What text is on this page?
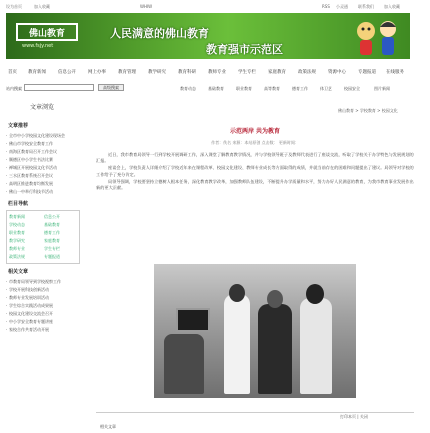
设为首页	加入收藏	WHIW	RSS 小灵通	联系我们	加入收藏
佛山教育
www.fsjy.net
人民满意的佛山教育
教育强市示范区
首页 教育新闻	信息公开	网上办事	教育管理	教学研究	教育科研	教师专业	学生专栏	家庭教育	政策法规	资源中心	专题报道 在线服务
站内搜索	高级搜索	教育动态	基础教育	职业教育	高等教育	德育工作	体卫艺	校园安全	图片新闻
文章浏览	佛山教育 > 学校教育 > 校园文化
文章推荐
· 全市中小学校园文化建设现场会
· 佛山市学校安全教育工作
· 南海区教育局召开工作会议
· 顺德区中小学生书法比赛
· 禅城区开展校园文化节活动
· 三水区教育系统召开会议
· 高明区推进教育均衡发展
· 佛山一中举行科技节活动
栏目导航
教育新闻	信息公开
学校动态	基础教育
职业教育	德育工作
教学研究	家庭教育
教师专业	学生专栏
政策法规	专题报道
相关文章
· 市教育局领导到学校视察工作
· 学校开展科技创新活动
· 教师专业发展培训活动
· 学生综合实践活动成果展
· 校园文化建设交流会召开
· 中小学安全教育专题讲座
· 家校合作共育活动开展
示范两岸 共为教育
作者：佚名 来源：本站原创 点击数： 更新时间：

近日，我市教育局领导一行到学校开展调研工作，深入课堂了解教育教学情况，并与学校领导班子及教师代表进行了座谈交流，听取了学校关于办学特色与发展规划的汇报。

座谈会上，学校负责人详细介绍了学校近年来在课程改革、校园文化建设、教师专业成长等方面取得的成绩，并就当前存在的困难和问题提出了建议。局领导对学校的工作给予了充分肯定。

局领导强调，学校要坚持立德树人根本任务，深化教育教学改革，加强教师队伍建设，不断提升办学质量和水平，努力办好人民满意的教育，为我市教育事业发展作出新的更大贡献。

打印本页 | 关闭
相关文章
